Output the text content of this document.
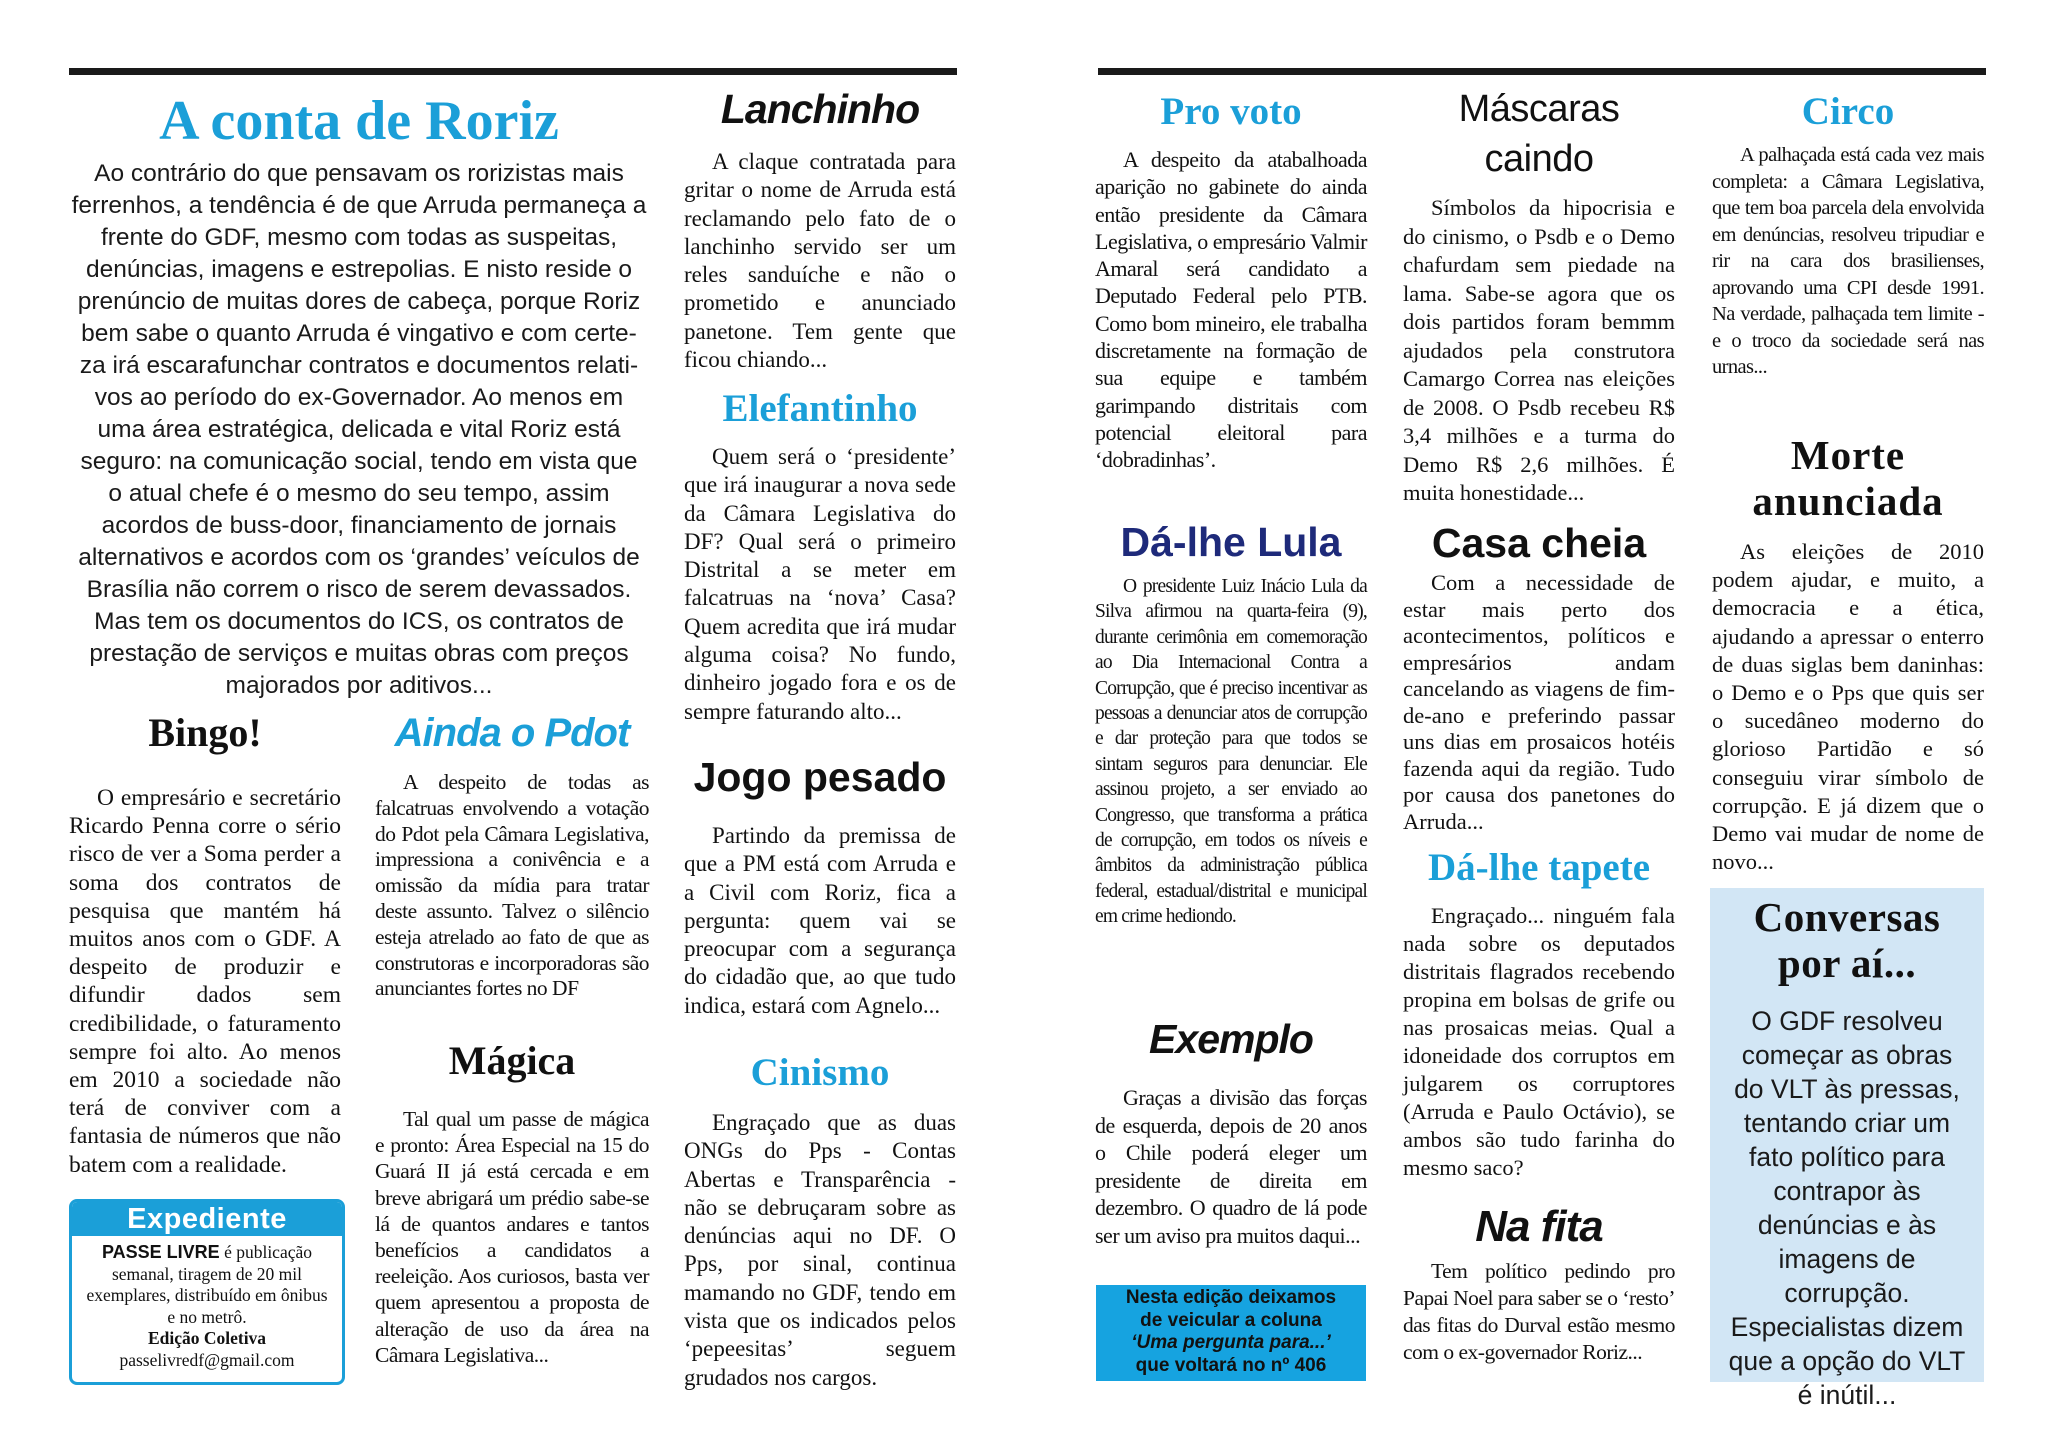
A conta de Roriz
Ao contrário do que pensavam os rorizistas mais
ferrenhos, a tendência é de que Arruda permaneça a
frente do GDF, mesmo com todas as suspeitas,
denúncias, imagens e estrepolias. E nisto reside o
prenúncio de muitas dores de cabeça, porque Roriz
bem sabe o quanto Arruda é vingativo e com certe-
za irá escarafunchar contratos e documentos relati-
vos ao período do ex-Governador. Ao menos em
uma área estratégica, delicada e vital Roriz está
seguro: na comunicação social, tendo em vista que
o atual chefe é o mesmo do seu tempo, assim
acordos de buss-door, financiamento de jornais
alternativos e acordos com os ‘grandes’ veículos de
Brasília não correm o risco de serem devassados.
Mas tem os documentos do ICS, os contratos de
prestação de serviços e muitas obras com preços
majorados por aditivos...
Bingo!

O empresário e secretário Ricardo Penna corre o sério risco de ver a Soma perder a soma dos contratos de pesquisa que mantém há muitos anos com o GDF. A despeito de produzir e difundir dados sem credibilidade, o faturamento sempre foi alto. Ao menos em 2010 a sociedade não terá de conviver com a fantasia de números que não batem com a realidade.

Expediente
PASSE LIVRE é publicação semanal, tiragem de 20 mil exemplares, distribuído em ônibus e no metrô.
Edição Coletiva
passelivredf@gmail.com
Ainda o Pdot

A despeito de todas as falcatruas envolvendo a votação do Pdot pela Câmara Legislativa, impressiona a conivência e a omissão da mídia para tratar deste assunto. Talvez o silêncio esteja atrelado ao fato de que as construtoras e incorporadoras são anunciantes fortes no DF

Mágica

Tal qual um passe de mágica e pronto: Área Especial na 15 do Guará II já está cercada e em breve abrigará um prédio sabe-se lá de quantos andares e tantos benefícios a candidatos a reeleição. Aos curiosos, basta ver quem apresentou a proposta de alteração de uso da área na Câmara Legislativa...

Lanchinho

A claque contratada para gritar o nome de Arruda está reclamando pelo fato de o lanchinho servido ser um reles sanduíche e não o prometido e anunciado panetone. Tem gente que ficou chiando...

Elefantinho

Quem será o ‘presidente’ que irá inaugurar a nova sede da Câmara Legislativa do DF? Qual será o primeiro Distrital a se meter em falcatruas na ‘nova’ Casa? Quem acredita que irá mudar alguma coisa? No fundo, dinheiro jogado fora e os de sempre faturando alto...

Jogo pesado

Partindo da premissa de que a PM está com Arruda e a Civil com Roriz, fica a pergunta: quem vai se preocupar com a segurança do cidadão que, ao que tudo indica, estará com Agnelo...

Cinismo

Engraçado que as duas ONGs do Pps - Contas Abertas e Transparência - não se debruçaram sobre as denúncias aqui no DF. O Pps, por sinal, continua mamando no GDF, tendo em vista que os indicados pelos ‘pepeesitas’ seguem grudados nos cargos.

Pro voto

A despeito da atabalhoada aparição no gabinete do ainda então presidente da Câmara Legislativa, o empresário Valmir Amaral será candidato a Deputado Federal pelo PTB. Como bom mineiro, ele trabalha discretamente na formação de sua equipe e também garimpando distritais com potencial eleitoral para ‘dobradinhas’.

Dá-lhe Lula

O presidente Luiz Inácio Lula da Silva afirmou na quarta-feira (9), durante cerimônia em comemoração ao Dia Internacional Contra a Corrupção, que é preciso incentivar as pessoas a denunciar atos de corrupção e dar proteção para que todos se sintam seguros para denunciar. Ele assinou projeto, a ser enviado ao Congresso, que transforma a prática de corrupção, em todos os níveis e âmbitos da administração pública federal, estadual/distrital e municipal em crime hediondo.

Exemplo

Graças a divisão das forças de esquerda, depois de 20 anos o Chile poderá eleger um presidente de direita em dezembro. O quadro de lá pode ser um aviso pra muitos daqui...

Nesta edição deixamos
de veicular a coluna
‘Uma pergunta para...’
que voltará no nº 406
Máscaras caindo

Símbolos da hipocrisia e do cinismo, o Psdb e o Demo chafurdam sem piedade na lama. Sabe-se agora que os dois partidos foram bemmm ajudados pela construtora Camargo Correa nas eleições de 2008. O Psdb recebeu R$ 3,4 milhões e a turma do Demo R$ 2,6 milhões. É muita honestidade...

Casa cheia

Com a necessidade de estar mais perto dos acontecimentos, políticos e empresários andam cancelando as viagens de fim-de-ano e preferindo passar uns dias em prosaicos hotéis fazenda aqui da região. Tudo por causa dos panetones do Arruda...

Dá-lhe tapete

Engraçado... ninguém fala nada sobre os deputados distritais flagrados recebendo propina em bolsas de grife ou nas prosaicas meias. Qual a idoneidade dos corruptos em julgarem os corruptores (Arruda e Paulo Octávio), se ambos são tudo farinha do mesmo saco?

Na fita

Tem político pedindo pro Papai Noel para saber se o ‘resto’ das fitas do Durval estão mesmo com o ex-governador Roriz...

Circo

A palhaçada está cada vez mais completa: a Câmara Legislativa, que tem boa parcela dela envolvida em denúncias, resolveu tripudiar e rir na cara dos brasilienses, aprovando uma CPI desde 1991. Na verdade, palhaçada tem limite - e o troco da sociedade será nas urnas...

Morte
anunciada

As eleições de 2010 podem ajudar, e muito, a democracia e a ética, ajudando a apressar o enterro de duas siglas bem daninhas: o Demo e o Pps que quis ser o sucedâneo moderno do glorioso Partidão e só conseguiu virar símbolo de corrupção. E já dizem que o Demo vai mudar de nome de novo...

Conversas
por aí...

O GDF resolveu começar as obras do VLT às pressas, tentando criar um fato político para contrapor às denúncias e às imagens de corrupção. Especialistas dizem que a opção do VLT é inútil...
